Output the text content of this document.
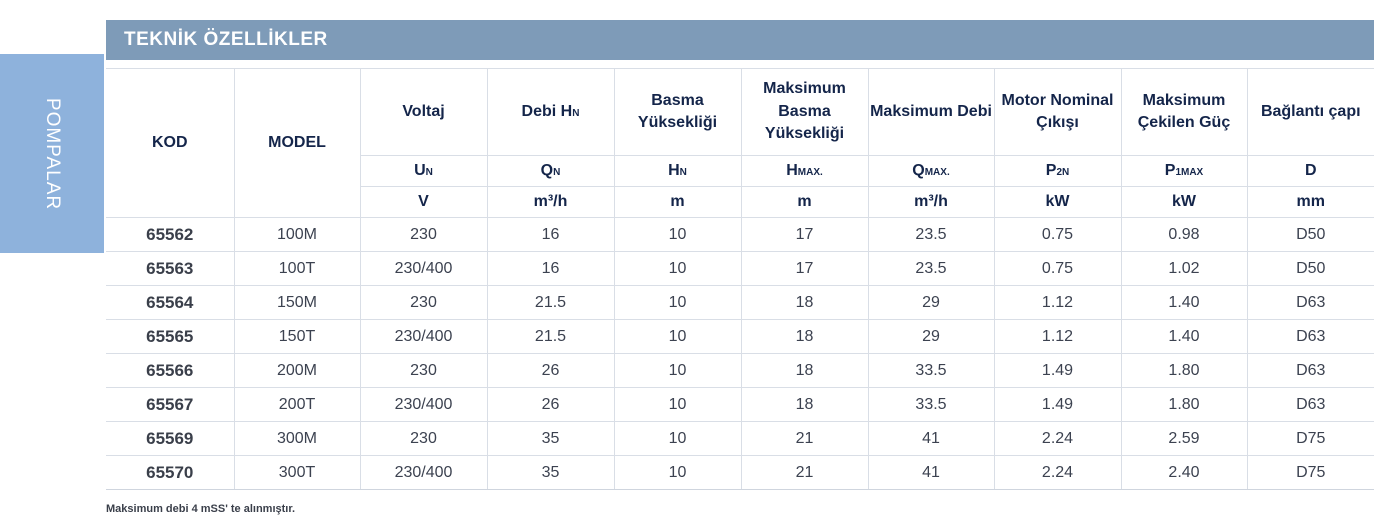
POMPALAR
TEKNİK ÖZELLİKLER
KOD	MODEL	Voltaj	Debi HN	Basma Yüksekliği	Maksimum Basma Yüksekliği	Maksimum Debi	Motor Nominal Çıkışı	Maksimum Çekilen Güç	Bağlantı çapı
		UN	QN	HN	HMAX.	QMAX.	P2N	P1MAX	D
		V	m³/h	m	m	m³/h	kW	kW	mm
65562	100M	230	16	10	17	23.5	0.75	0.98	D50
65563	100T	230/400	16	10	17	23.5	0.75	1.02	D50
65564	150M	230	21.5	10	18	29	1.12	1.40	D63
65565	150T	230/400	21.5	10	18	29	1.12	1.40	D63
65566	200M	230	26	10	18	33.5	1.49	1.80	D63
65567	200T	230/400	26	10	18	33.5	1.49	1.80	D63
65569	300M	230	35	10	21	41	2.24	2.59	D75
65570	300T	230/400	35	10	21	41	2.24	2.40	D75
Maksimum debi 4 mSS' te alınmıştır.
